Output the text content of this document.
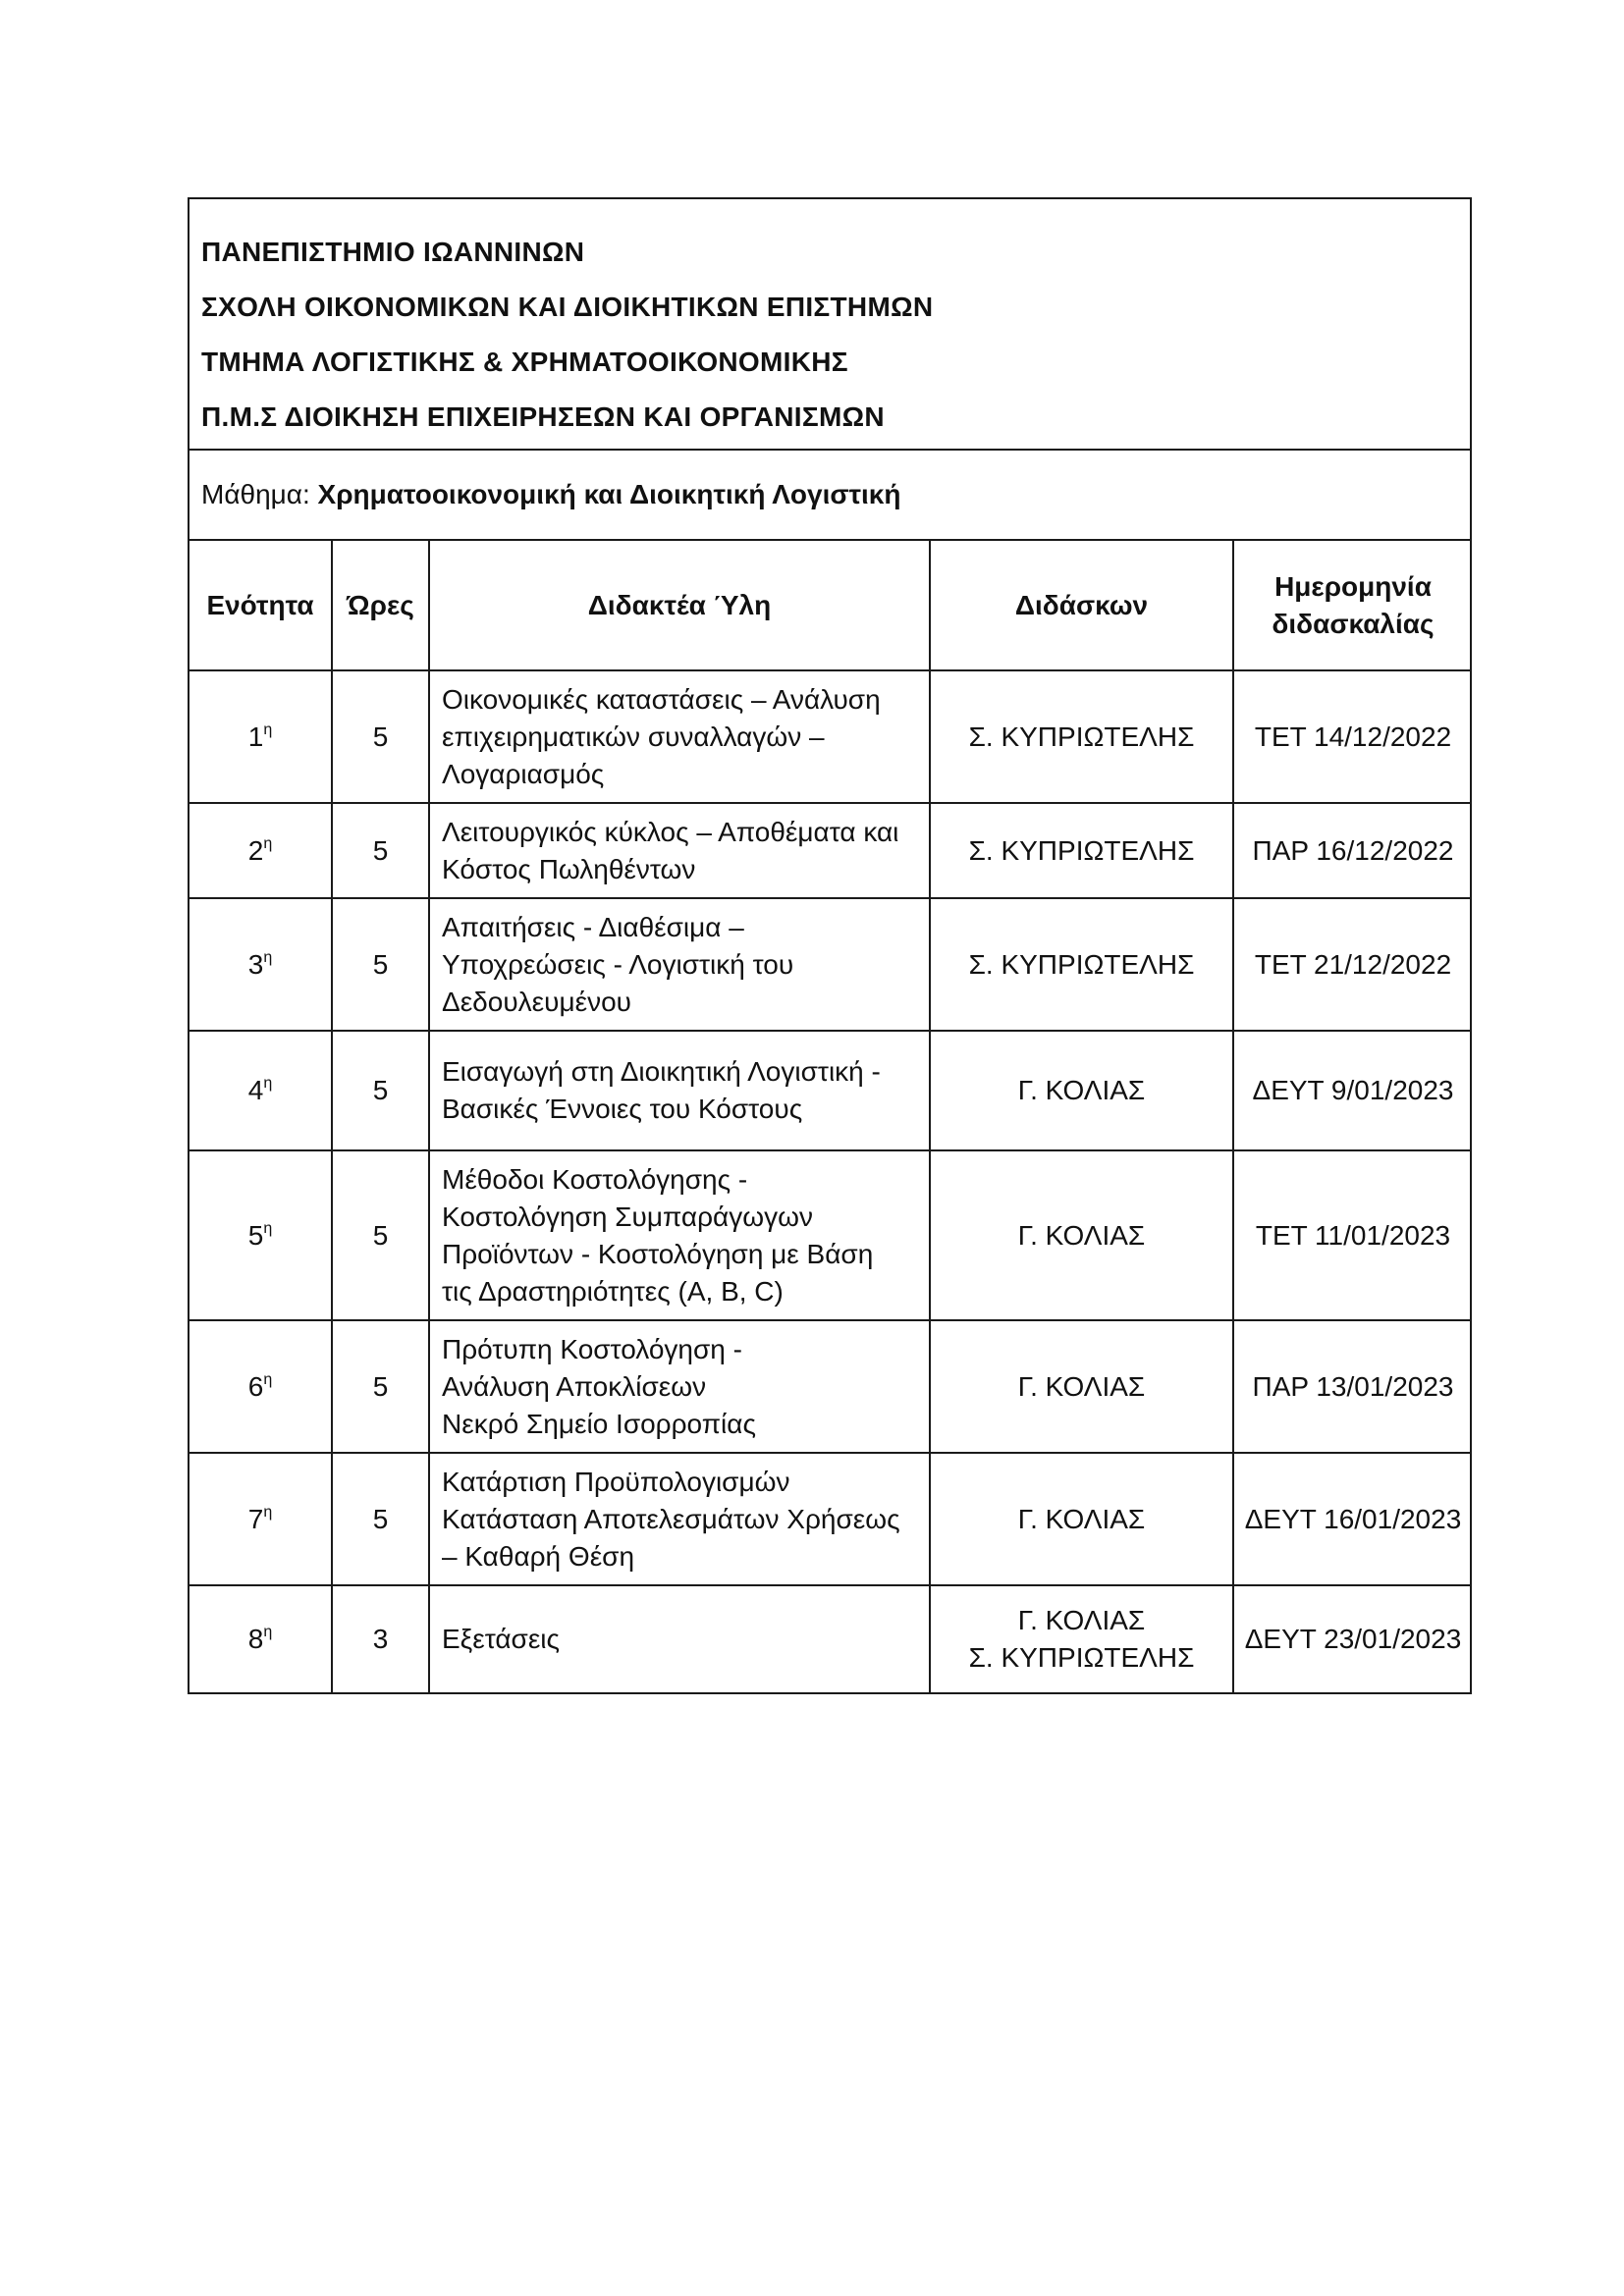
ΠΑΝΕΠΙΣΤΗΜΙΟ ΙΩΑΝΝΙΝΩΝ
ΣΧΟΛΗ ΟΙΚΟΝΟΜΙΚΩΝ ΚΑΙ ΔΙΟΙΚΗΤΙΚΩΝ ΕΠΙΣΤΗΜΩΝ
ΤΜΗΜΑ ΛΟΓΙΣΤΙΚΗΣ & ΧΡΗΜΑΤΟΟΙΚΟΝΟΜΙΚΗΣ
Π.Μ.Σ ΔΙΟΙΚΗΣΗ ΕΠΙΧΕΙΡΗΣΕΩΝ ΚΑΙ ΟΡΓΑΝΙΣΜΩΝ
Μάθημα:
Χρηματοοικονομική και Διοικητική Λογιστική
Ενότητα	Ώρες	Διδακτέα Ύλη	Διδάσκων	Ημερομηνία
διδασκαλίας

$1^\eta$	5	Οικονομικές καταστάσεις – Ανάλυση
επιχειρηματικών συναλλαγών –
Λογαριασμός	Σ. ΚΥΠΡΙΩΤΕΛΗΣ	ΤΕΤ 14/12/2022
$2^\eta$	5	Λειτουργικός κύκλος – Αποθέματα και
Κόστος Πωληθέντων	Σ. ΚΥΠΡΙΩΤΕΛΗΣ	ΠΑΡ 16/12/2022
$3^\eta$	5	Απαιτήσεις - Διαθέσιμα –
Υποχρεώσεις - Λογιστική του
Δεδουλευμένου	Σ. ΚΥΠΡΙΩΤΕΛΗΣ	ΤΕΤ 21/12/2022
$4^\eta$	5	Εισαγωγή στη Διοικητική Λογιστική -
Βασικές Έννοιες του Κόστους	Γ. ΚΟΛΙΑΣ	ΔΕΥΤ 9/01/2023
$5^\eta$	5	Μέθοδοι Κοστολόγησης -
Κοστολόγηση Συμπαράγωγων
Προϊόντων - Κοστολόγηση με Βάση
τις Δραστηριότητες (A, B, C)	Γ. ΚΟΛΙΑΣ	ΤΕΤ 11/01/2023
$6^\eta$	5	Πρότυπη Κοστολόγηση -
Ανάλυση Αποκλίσεων
Νεκρό Σημείο Ισορροπίας	Γ. ΚΟΛΙΑΣ	ΠΑΡ 13/01/2023
$7^\eta$	5	Κατάρτιση Προϋπολογισμών
Κατάσταση Αποτελεσμάτων Χρήσεως
– Καθαρή Θέση	Γ. ΚΟΛΙΑΣ	ΔΕΥΤ 16/01/2023
$8^\eta$	3	Εξετάσεις	Γ. ΚΟΛΙΑΣ
Σ. ΚΥΠΡΙΩΤΕΛΗΣ	ΔΕΥΤ 23/01/2023
